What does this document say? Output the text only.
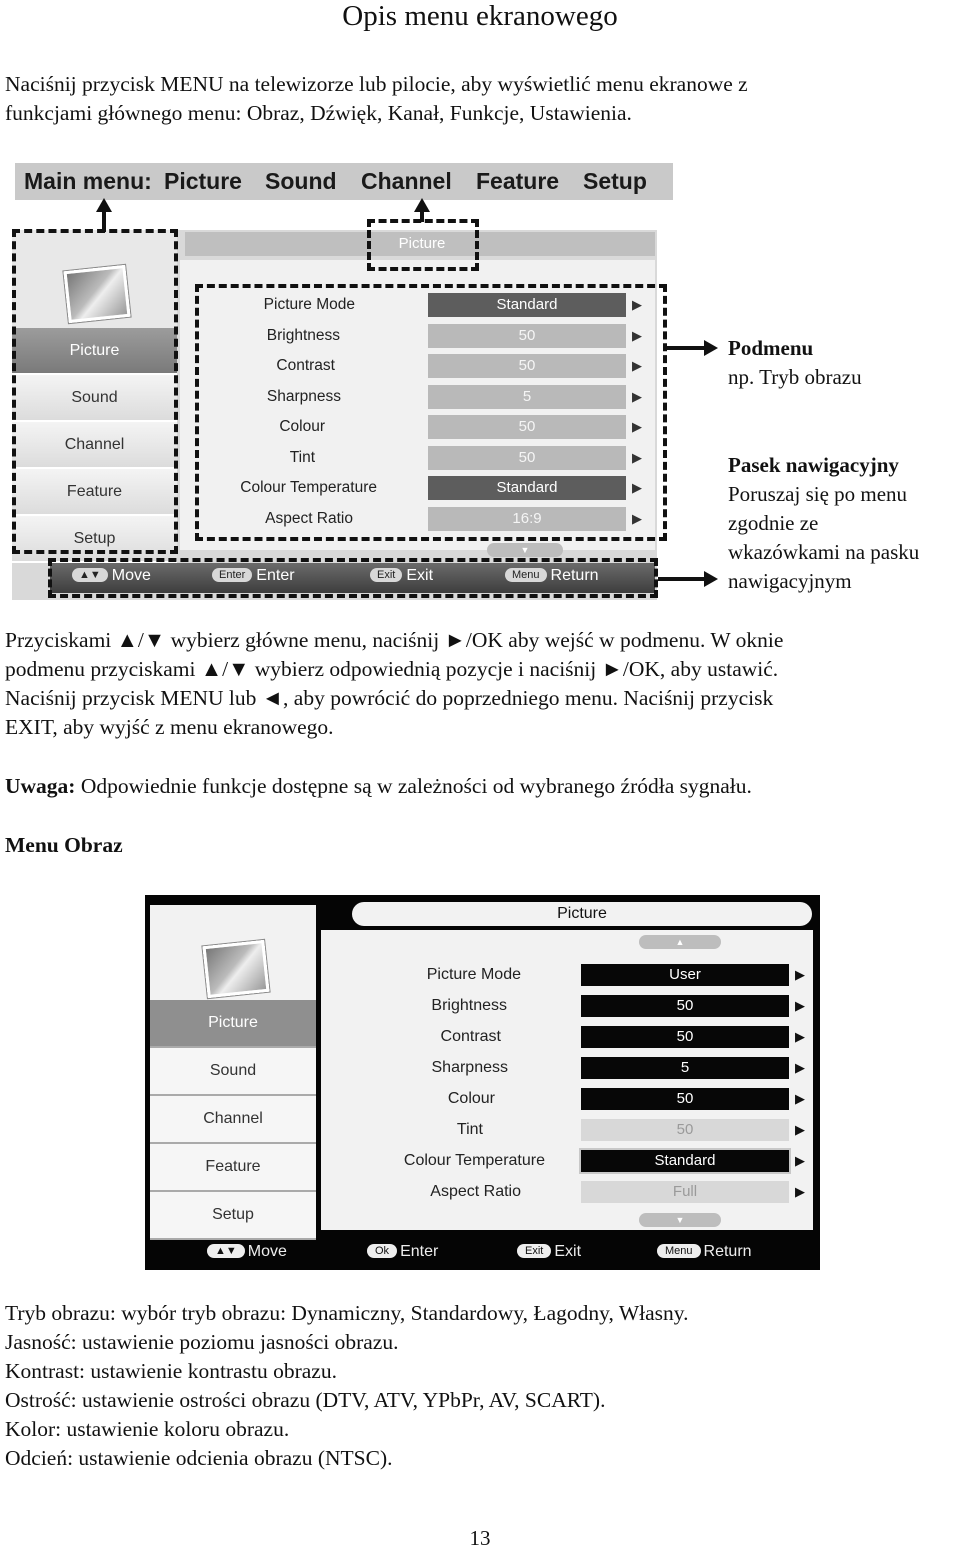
Opis menu ekranowego
Naciśnij przycisk MENU na telewizorze lub pilocie, aby wyświetlić menu ekranowe z
funkcjami głównego menu: Obraz, Dźwięk, Kanał, Funkcje, Ustawienia.
Main menu: Picture Sound Channel Feature Setup
Picture
Picture
Sound
Channel
Feature
Setup
Picture Mode	Standard	▶
Brightness	50	▶
Contrast	50	▶
Sharpness	5	▶
Colour	50	▶
Tint	50	▶
Colour Temperature	Standard	▶
Aspect Ratio	16:9	▶
▼
▲▼ Move	Enter Enter	Exit Exit	Menu Return
Podmenu
np. Tryb obrazu
Pasek nawigacyjny
Poruszaj się po menu
zgodnie ze
wkazówkami na pasku
nawigacyjnym
Przyciskami ▲/▼ wybierz główne menu, naciśnij ►/OK aby wejść w podmenu. W oknie
podmenu przyciskami ▲/▼ wybierz odpowiednią pozycje i naciśnij ►/OK, aby ustawić.
Naciśnij przycisk MENU lub ◄, aby powrócić do poprzedniego menu. Naciśnij przycisk
EXIT, aby wyjść z menu ekranowego.
Uwaga: Odpowiednie funkcje dostępne są w zależności od wybranego źródła sygnału.
Menu Obraz
Picture
Picture
Sound
Channel
Feature
Setup
▲
Picture Mode	User	▶
Brightness	50	▶
Contrast	50	▶
Sharpness	5	▶
Colour	50	▶
Tint	50	▶
Colour Temperature	Standard	▶
Aspect Ratio	Full	▶
▼
▲▼ Move	Ok Enter	Exit Exit	Menu Return
Tryb obrazu: wybór tryb obrazu: Dynamiczny, Standardowy, Łagodny, Własny.
Jasność: ustawienie poziomu jasności obrazu.
Kontrast: ustawienie kontrastu obrazu.
Ostrość: ustawienie ostrości obrazu (DTV, ATV, YPbPr, AV, SCART).
Kolor: ustawienie koloru obrazu.
Odcień: ustawienie odcienia obrazu (NTSC).
13
